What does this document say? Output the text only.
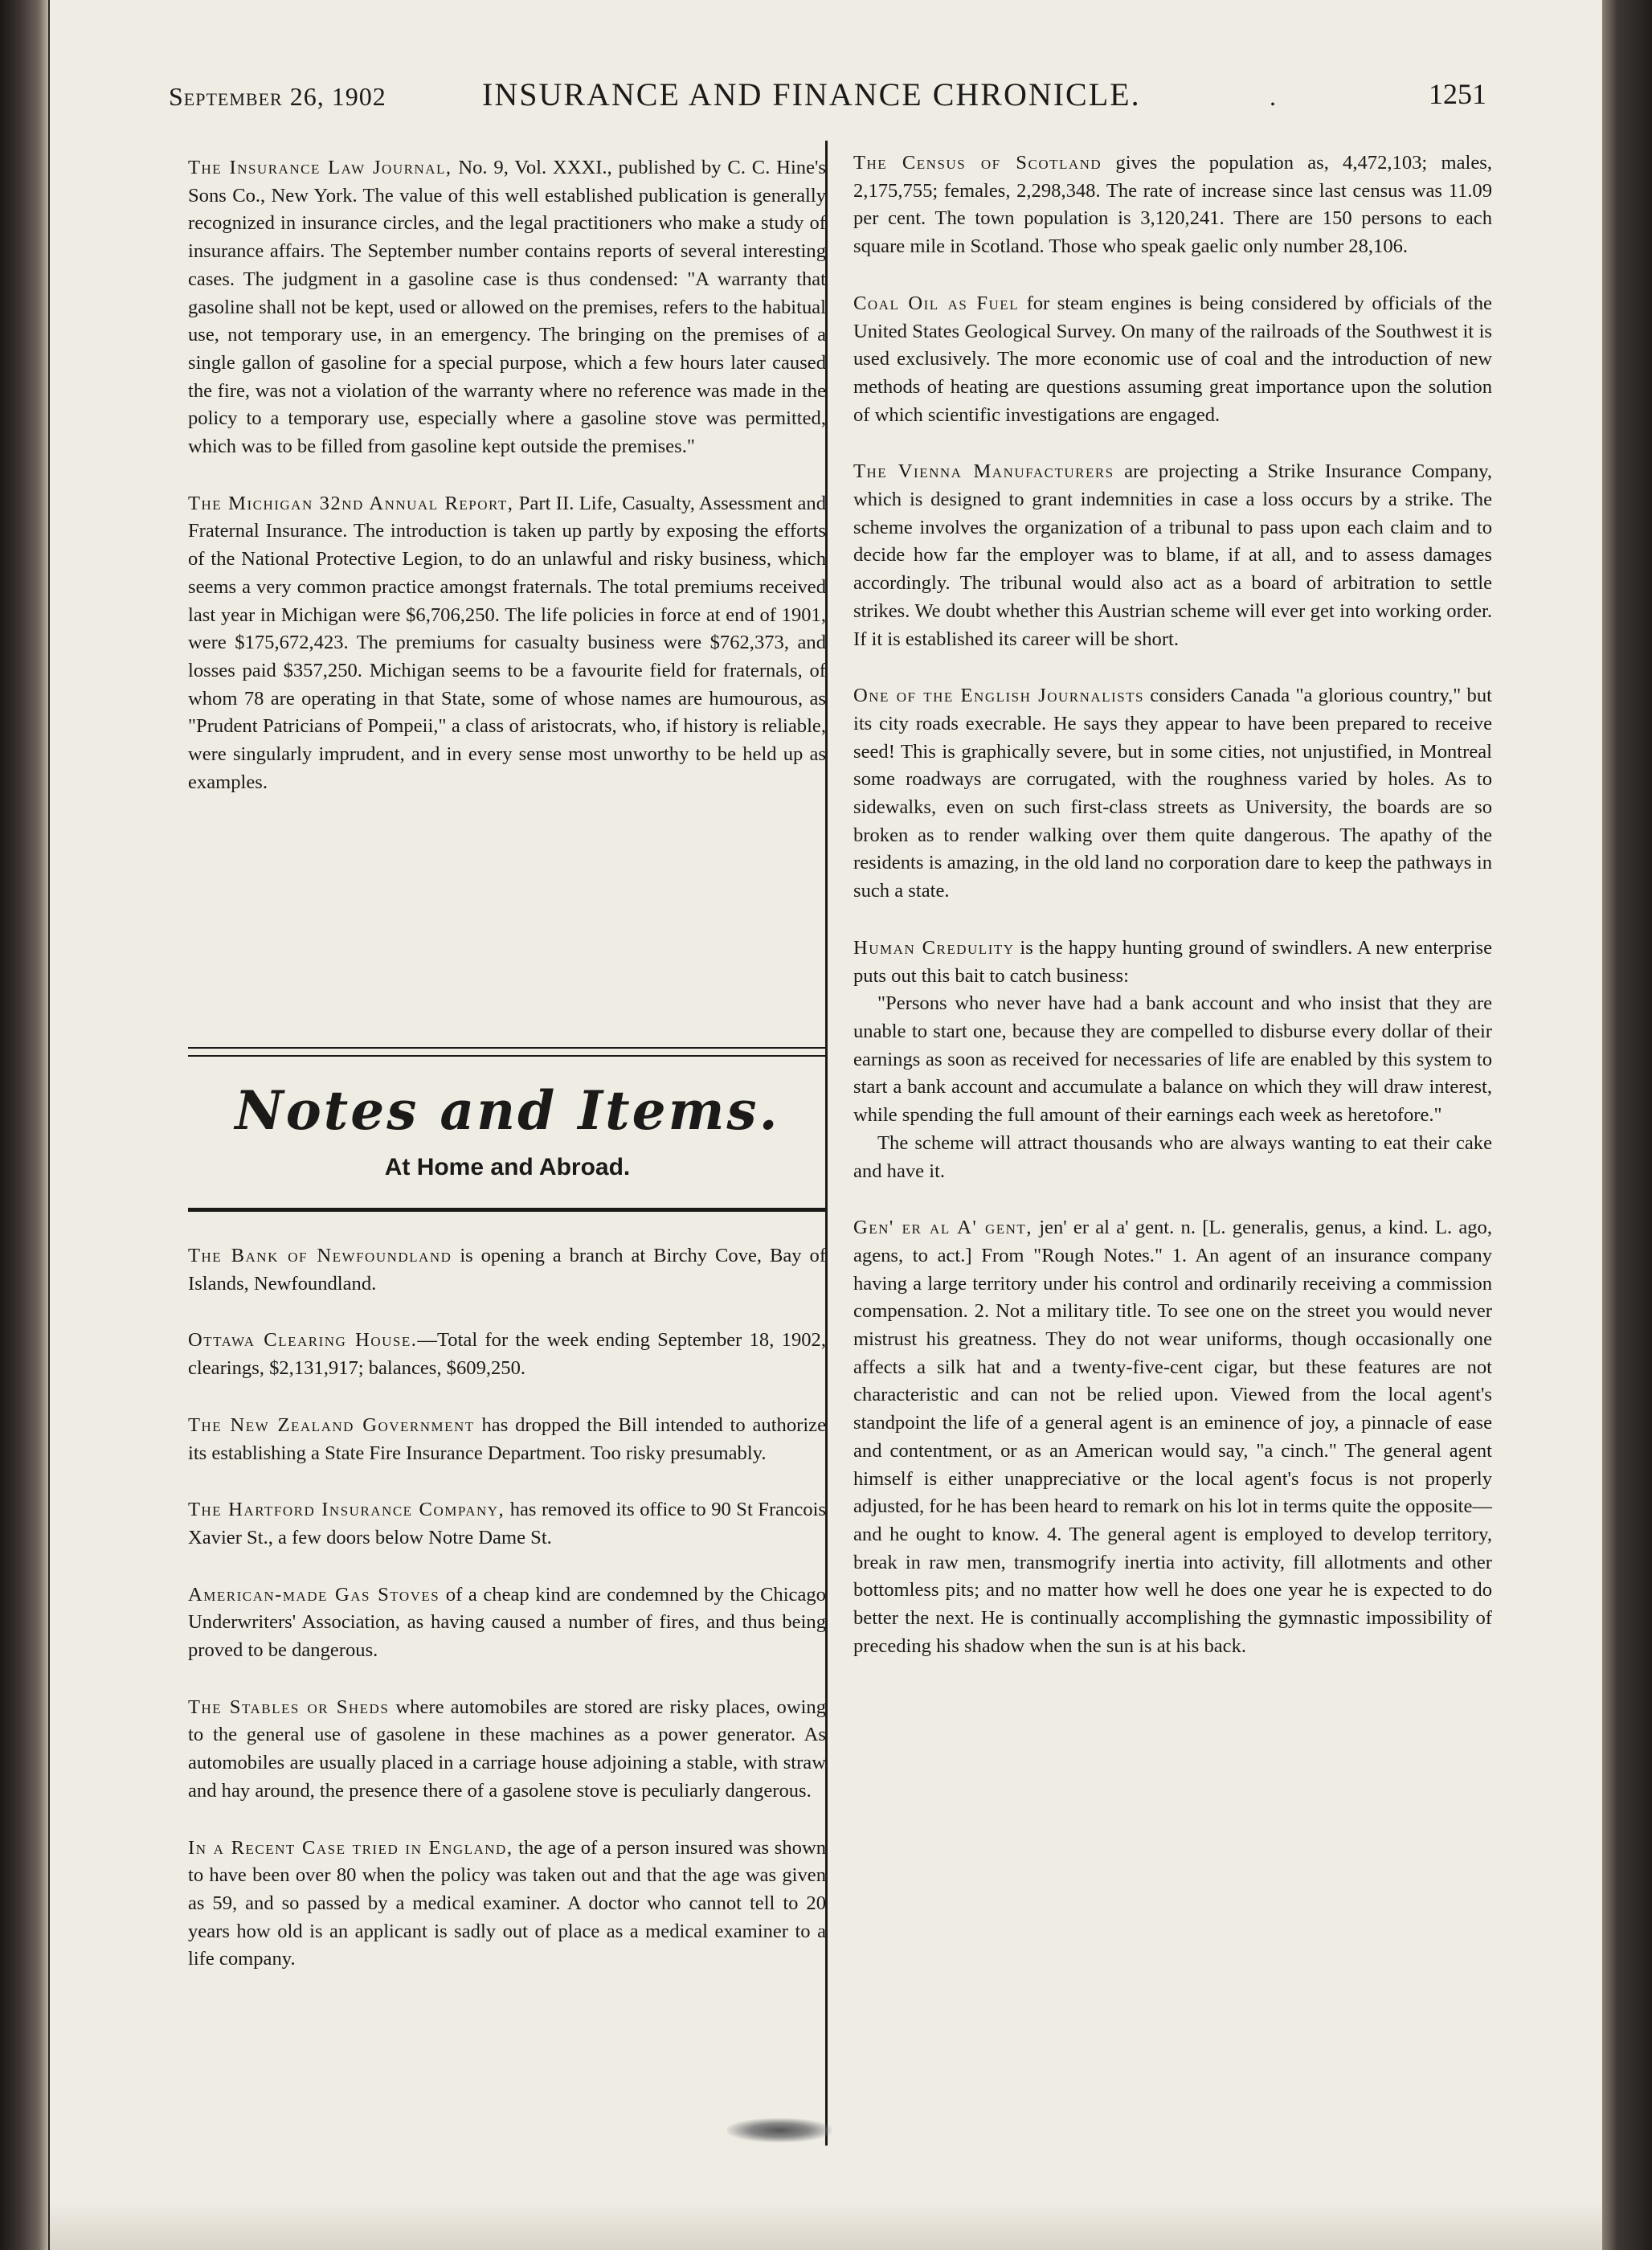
September 26, 1902	INSURANCE AND FINANCE CHRONICLE.	.	1251

The Insurance Law Journal, No. 9, Vol. XXXI., published by C. C. Hine's Sons Co., New York. The value of this well established publication is generally recognized in insurance circles, and the legal practitioners who make a study of insurance affairs. The September number contains reports of several interesting cases. The judgment in a gasoline case is thus condensed: "A warranty that gasoline shall not be kept, used or allowed on the premises, refers to the habitual use, not temporary use, in an emergency. The bringing on the premises of a single gallon of gasoline for a special purpose, which a few hours later caused the fire, was not a violation of the warranty where no reference was made in the policy to a temporary use, especially where a gasoline stove was permitted, which was to be filled from gasoline kept outside the premises."

The Michigan 32nd Annual Report, Part II. Life, Casualty, Assessment and Fraternal Insurance. The introduction is taken up partly by exposing the efforts of the National Protective Legion, to do an unlawful and risky business, which seems a very common practice amongst fraternals. The total premiums received last year in Michigan were $6,706,250. The life policies in force at end of 1901, were $175,672,423. The premiums for casualty business were $762,373, and losses paid $357,250. Michigan seems to be a favourite field for fraternals, of whom 78 are operating in that State, some of whose names are humourous, as "Prudent Patricians of Pompeii," a class of aristocrats, who, if history is reliable, were singularly imprudent, and in every sense most unworthy to be held up as examples.

Notes and Items.
At Home and Abroad.

The Bank of Newfoundland is opening a branch at Birchy Cove, Bay of Islands, Newfoundland.

Ottawa Clearing House.—Total for the week ending September 18, 1902, clearings, $2,131,917; balances, $609,250.

The New Zealand Government has dropped the Bill intended to authorize its establishing a State Fire Insurance Department. Too risky presumably.

The Hartford Insurance Company, has removed its office to 90 St Francois Xavier St., a few doors below Notre Dame St.

American-made Gas Stoves of a cheap kind are condemned by the Chicago Underwriters' Association, as having caused a number of fires, and thus being proved to be dangerous.

The Stables or Sheds where automobiles are stored are risky places, owing to the general use of gasolene in these machines as a power generator. As automobiles are usually placed in a carriage house adjoining a stable, with straw and hay around, the presence there of a gasolene stove is peculiarly dangerous.

In a Recent Case tried in England, the age of a person insured was shown to have been over 80 when the policy was taken out and that the age was given as 59, and so passed by a medical examiner. A doctor who cannot tell to 20 years how old is an applicant is sadly out of place as a medical examiner to a life company.

The Census of Scotland gives the population as, 4,472,103; males, 2,175,755; females, 2,298,348. The rate of increase since last census was 11.09 per cent. The town population is 3,120,241. There are 150 persons to each square mile in Scotland. Those who speak gaelic only number 28,106.

Coal Oil as Fuel for steam engines is being considered by officials of the United States Geological Survey. On many of the railroads of the Southwest it is used exclusively. The more economic use of coal and the introduction of new methods of heating are questions assuming great importance upon the solution of which scientific investigations are engaged.

The Vienna Manufacturers are projecting a Strike Insurance Company, which is designed to grant indemnities in case a loss occurs by a strike. The scheme involves the organization of a tribunal to pass upon each claim and to decide how far the employer was to blame, if at all, and to assess damages accordingly. The tribunal would also act as a board of arbitration to settle strikes. We doubt whether this Austrian scheme will ever get into working order. If it is established its career will be short.

One of the English Journalists considers Canada "a glorious country," but its city roads execrable. He says they appear to have been prepared to receive seed! This is graphically severe, but in some cities, not unjustified, in Montreal some roadways are corrugated, with the roughness varied by holes. As to sidewalks, even on such first-class streets as University, the boards are so broken as to render walking over them quite dangerous. The apathy of the residents is amazing, in the old land no corporation dare to keep the pathways in such a state.

Human Credulity is the happy hunting ground of swindlers. A new enterprise puts out this bait to catch business:

"Persons who never have had a bank account and who insist that they are unable to start one, because they are compelled to disburse every dollar of their earnings as soon as received for necessaries of life are enabled by this system to start a bank account and accumulate a balance on which they will draw interest, while spending the full amount of their earnings each week as heretofore."

The scheme will attract thousands who are always wanting to eat their cake and have it.

Gen' er al A' gent, jen' er al a' gent. n. [L. generalis, genus, a kind. L. ago, agens, to act.] From "Rough Notes." 1. An agent of an insurance company having a large territory under his control and ordinarily receiving a commission compensation. 2. Not a military title. To see one on the street you would never mistrust his greatness. They do not wear uniforms, though occasionally one affects a silk hat and a twenty-five-cent cigar, but these features are not characteristic and can not be relied upon. Viewed from the local agent's standpoint the life of a general agent is an eminence of joy, a pinnacle of ease and contentment, or as an American would say, "a cinch." The general agent himself is either unappreciative or the local agent's focus is not properly adjusted, for he has been heard to remark on his lot in terms quite the opposite—and he ought to know. 4. The general agent is employed to develop territory, break in raw men, transmogrify inertia into activity, fill allotments and other bottomless pits; and no matter how well he does one year he is expected to do better the next. He is continually accomplishing the gymnastic impossibility of preceding his shadow when the sun is at his back.
